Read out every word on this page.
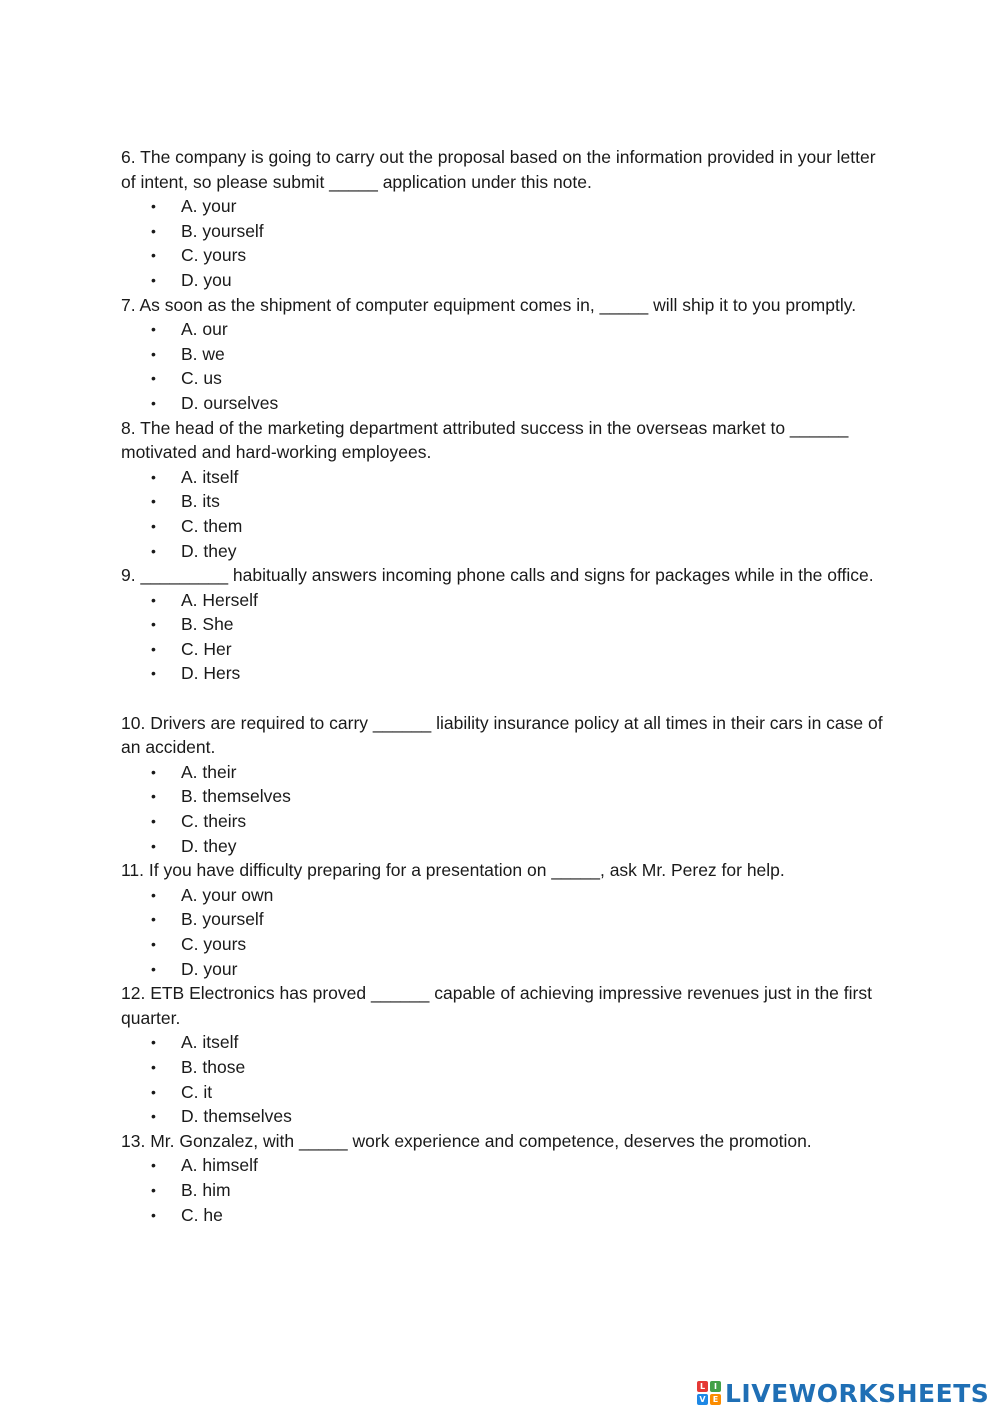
6. The company is going to carry out the proposal based on the information provided in your letter of intent, so please submit _____ application under this note.

• A. your
• B. yourself
• C. yours
• D. you

7. As soon as the shipment of computer equipment comes in, _____ will ship it to you promptly.

• A. our
• B. we
• C. us
• D. ourselves

8. The head of the marketing department attributed success in the overseas market to ______ motivated and hard-working employees.

• A. itself
• B. its
• C. them
• D. they

9. _________ habitually answers incoming phone calls and signs for packages while in the office.

• A. Herself
• B. She
• C. Her
• D. Hers

10. Drivers are required to carry ______ liability insurance policy at all times in their cars in case of an accident.

• A. their
• B. themselves
• C. theirs
• D. they

11. If you have difficulty preparing for a presentation on _____, ask Mr. Perez for help.

• A. your own
• B. yourself
• C. yours
• D. your

12. ETB Electronics has proved ______ capable of achieving impressive revenues just in the first quarter.

• A. itself
• B. those
• C. it
• D. themselves

13. Mr. Gonzalez, with _____ work experience and competence, deserves the promotion.

• A. himself
• B. him
• C. he
L	I
V E LIVEWORKSHEETS
